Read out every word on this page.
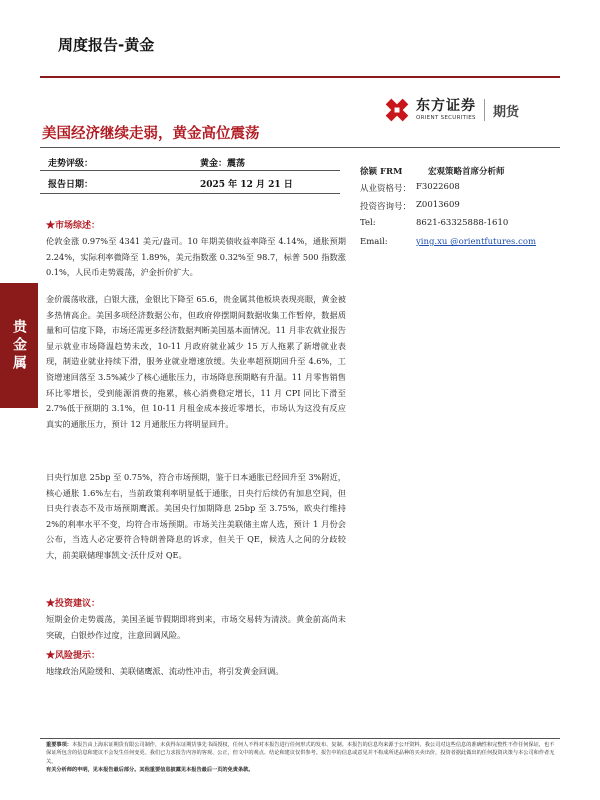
周度报告-黄金
东方证券
ORIENT SECURITIES 期货
美国经济继续走弱，黄金高位震荡
走势评级：	黄金：震荡
报告日期：	2025 年 12 月 21 日
徐颖 FRM	宏观策略首席分析师
从业资格号： F3022608
投资咨询号： Z0013609
Tel:	8621-63325888-1610
Email:	ying.xu @orientfutures.com
贵金属
★市场综述：

伦敦金涨 0.97%至 4341 美元/盎司。10 年期美债收益率降至 4.14%，通胀预期 2.24%，实际利率微降至 1.89%，美元指数涨 0.32%至 98.7，标普 500 指数涨 0.1%，人民币走势震荡，沪金折价扩大。

金价震荡收涨，白银大涨，金银比下降至 65.6，贵金属其他板块表现亮眼，黄金被多热情高企。美国多项经济数据公布，但政府停摆期间数据收集工作暂停，数据质量和可信度下降，市场还需更多经济数据判断美国基本面情况。11 月非农就业报告显示就业市场降温趋势未改，10-11 月政府就业减少 15 万人拖累了新增就业表现，制造业就业持续下滑，服务业就业增速放缓。失业率超预期回升至 4.6%，工资增速回落至 3.5%减少了核心通胀压力，市场降息预期略有升温。11 月零售销售环比零增长，受到能源消费的拖累，核心消费稳定增长，11 月 CPI 同比下滑至 2.7%低于预期的 3.1%，但 10-11 月租金成本接近零增长，市场认为这没有反应真实的通胀压力，预计 12 月通胀压力将明显回升。

日央行加息 25bp 至 0.75%，符合市场预期，鉴于日本通胀已经回升至 3%附近，核心通胀 1.6%左右，当前政策利率明显低于通胀，日央行后续仍有加息空间，但日央行表态不及市场预期鹰派。美国央行加期降息 25bp 至 3.75%，欧央行维持 2%的利率水平不变，均符合市场预期。市场关注美联储主席人选，预计 1 月份会公布，当选人必定要符合特朗普降息的诉求，但关于 QE，候选人之间的分歧较大，前美联储理事凯文·沃什反对 QE。

★投资建议：

短期金价走势震荡，美国圣诞节假期即将到来，市场交易转为清淡。黄金前高尚未突破，白银炒作过度，注意回调风险。

★风险提示：

地缘政治风险缓和、美联储鹰派、流动性冲击，将引发黄金回调。

重要事项：本报告由上海东证期货有限公司制作，未获得东证期货事先书面授权，任何人不得对本报告进行任何形式的发布、复制。本报告的信息均来源于公开资料，我公司对这些信息的准确性和完整性不作任何保证，也不保证所包含的信息和建议不会发生任何变更。我们已力求报告内容的客观、公正，但文中的观点、结论和建议仅供参考。报告中的信息或意见并不构成所述品种的买卖出价，投资者据此做出的任何投资决策与本公司和作者无关。
有关分析师的申明，见本报告最后部分。其他重要信息披露见本报告最后一页的免责条款。
